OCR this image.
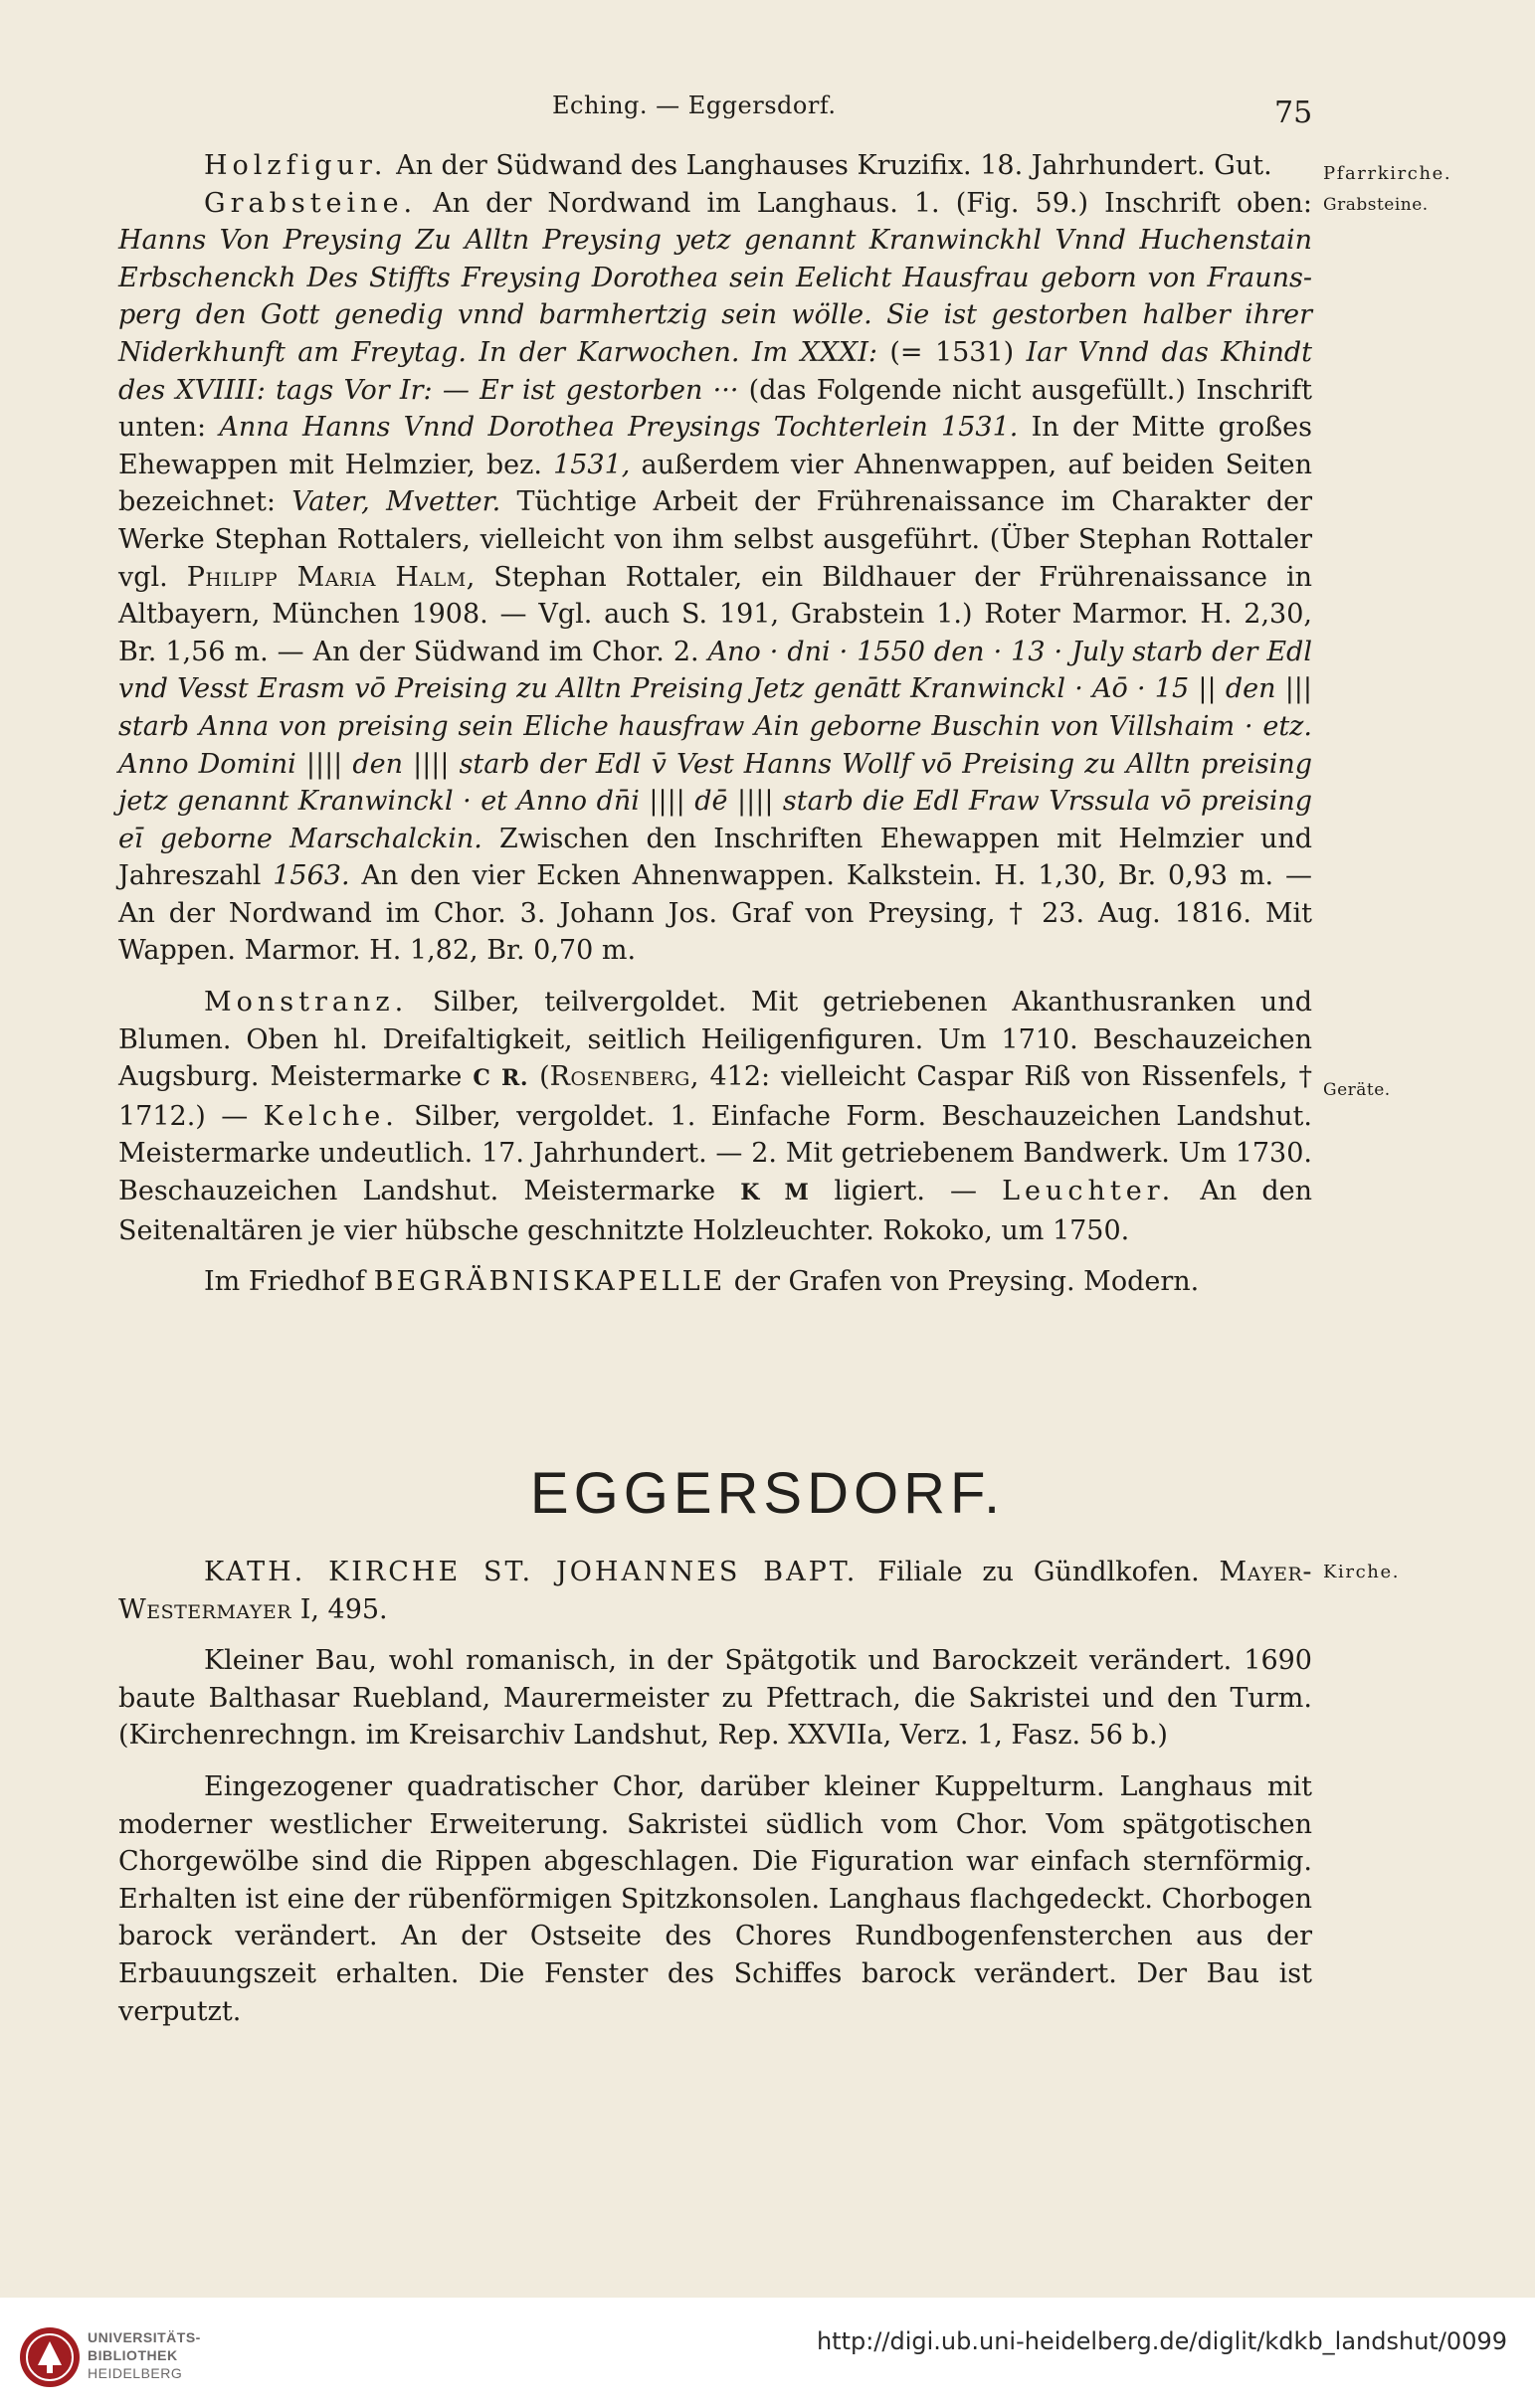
Eching. — Eggersdorf.	75
Pfarrkirche.
Grabsteine.
Geräte.
Kirche.

Holzfigur. An der Südwand des Langhauses Kruzifix. 18. Jahrhundert. Gut.

Grabsteine. An der Nordwand im Langhaus. 1. (Fig. 59.) Inschrift oben: Hanns Von Preysing Zu Alltn Preysing yetz genannt Kranwinckhl Vnnd Huchenstain Erbschenckh Des Stiffts Freysing Dorothea sein Eelicht Hausfrau geborn von Fraunsperg den Gott genedig vnnd barmhertzig sein wölle. Sie ist gestorben halber ihrer Niderkhunft am Freytag. In der Karwochen. Im XXXI: (= 1531) Iar Vnnd das Khindt des XVIIII: tags Vor Ir: — Er ist gestorben ··· (das Folgende nicht ausgefüllt.) Inschrift unten: Anna Hanns Vnnd Dorothea Preysings Tochterlein 1531. In der Mitte großes Ehewappen mit Helmzier, bez. 1531, außerdem vier Ahnenwappen, auf beiden Seiten bezeichnet: Vater, Mvetter. Tüchtige Arbeit der Frührenaissance im Charakter der Werke Stephan Rottalers, vielleicht von ihm selbst ausgeführt. (Über Stephan Rottaler vgl. Philipp Maria Halm, Stephan Rottaler, ein Bildhauer der Frührenaissance in Altbayern, München 1908. — Vgl. auch S. 191, Grabstein 1.) Roter Marmor. H. 2,30, Br. 1,56 m. — An der Südwand im Chor. 2. Ano · dni · 1550 den · 13 · July starb der Edl vnd Vesst Erasm vō Preising zu Alltn Preising Jetz genātt Kranwinckl · Aō · 15 || den ||| starb Anna von preising sein Eliche hausfraw Ain geborne Buschin von Villshaim · etz. Anno Domini |||| den |||| starb der Edl v̄ Vest Hanns Wollf vō Preising zu Alltn preising jetz genannt Kranwinckl · et Anno dn̄i |||| dē |||| starb die Edl Fraw Vrssula vō preising eī geborne Marschalckin. Zwischen den Inschriften Ehewappen mit Helmzier und Jahreszahl 1563. An den vier Ecken Ahnenwappen. Kalkstein. H. 1,30, Br. 0,93 m. — An der Nordwand im Chor. 3. Johann Jos. Graf von Preysing, † 23. Aug. 1816. Mit Wappen. Marmor. H. 1,82, Br. 0,70 m.

Monstranz. Silber, teilvergoldet. Mit getriebenen Akanthusranken und Blumen. Oben hl. Dreifaltigkeit, seitlich Heiligenfiguren. Um 1710. Beschauzeichen Augsburg. Meistermarke C R. (Rosenberg, 412: vielleicht Caspar Riß von Rissenfels, † 1712.) — Kelche. Silber, vergoldet. 1. Einfache Form. Beschauzeichen Landshut. Meistermarke undeutlich. 17. Jahrhundert. — 2. Mit getriebenem Bandwerk. Um 1730. Beschauzeichen Landshut. Meistermarke K M ligiert. — Leuchter. An den Seitenaltären je vier hübsche geschnitzte Holzleuchter. Rokoko, um 1750.

Im Friedhof BEGRÄBNISKAPELLE der Grafen von Preysing. Modern.

EGGERSDORF.

KATH. KIRCHE ST. JOHANNES BAPT. Filiale zu Gündlkofen. Mayer-Westermayer I, 495.

Kleiner Bau, wohl romanisch, in der Spätgotik und Barockzeit verändert. 1690 baute Balthasar Ruebland, Maurermeister zu Pfettrach, die Sakristei und den Turm. (Kirchenrechngn. im Kreisarchiv Landshut, Rep. XXVIIa, Verz. 1, Fasz. 56 b.)

Eingezogener quadratischer Chor, darüber kleiner Kuppelturm. Langhaus mit moderner westlicher Erweiterung. Sakristei südlich vom Chor. Vom spätgotischen Chorgewölbe sind die Rippen abgeschlagen. Die Figuration war einfach sternförmig. Erhalten ist eine der rübenförmigen Spitzkonsolen. Langhaus flachgedeckt. Chorbogen barock verändert. An der Ostseite des Chores Rundbogenfensterchen aus der Erbauungszeit erhalten. Die Fenster des Schiffes barock verändert. Der Bau ist verputzt.

UNIVERSITÄTS-
BIBLIOTHEK
HEIDELBERG
http://digi.ub.uni-heidelberg.de/diglit/kdkb_landshut/0099
